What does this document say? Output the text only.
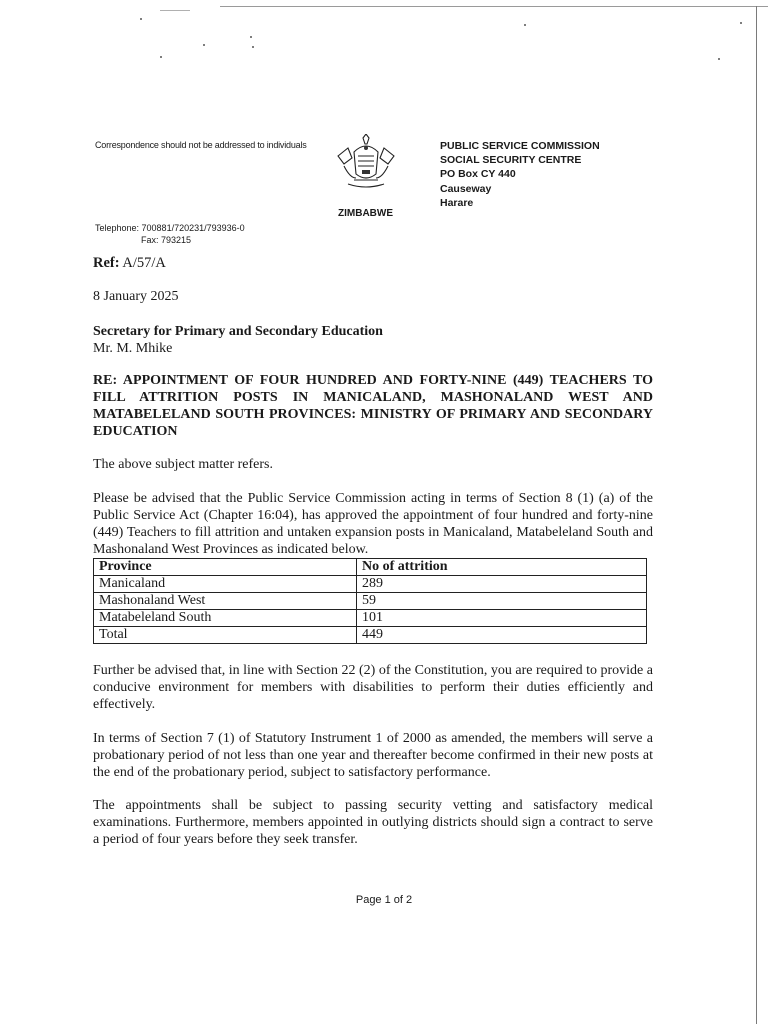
Correspondence should not be addressed to individuals
ZIMBABWE
PUBLIC SERVICE COMMISSION
SOCIAL SECURITY CENTRE
PO Box CY 440
Causeway
Harare
Telephone: 700881/720231/793936-0
Fax: 793215
Ref: A/57/A
8 January 2025
Secretary for Primary and Secondary Education
Mr. M. Mhike
RE: APPOINTMENT OF FOUR HUNDRED AND FORTY-NINE (449) TEACHERS TO FILL ATTRITION POSTS IN MANICALAND, MASHONALAND WEST AND MATABELELAND SOUTH PROVINCES: MINISTRY OF PRIMARY AND SECONDARY EDUCATION
The above subject matter refers.
Please be advised that the Public Service Commission acting in terms of Section 8 (1) (a) of the Public Service Act (Chapter 16:04), has approved the appointment of four hundred and forty-nine (449) Teachers to fill attrition and untaken expansion posts in Manicaland, Matabeleland South and Mashonaland West Provinces as indicated below.
Province	No of attrition
Manicaland	289
Mashonaland West	59
Matabeleland South	101
Total	449
Further be advised that, in line with Section 22 (2) of the Constitution, you are required to provide a conducive environment for members with disabilities to perform their duties efficiently and effectively.
In terms of Section 7 (1) of Statutory Instrument 1 of 2000 as amended, the members will serve a probationary period of not less than one year and thereafter become confirmed in their new posts at the end of the probationary period, subject to satisfactory performance.
The appointments shall be subject to passing security vetting and satisfactory medical examinations. Furthermore, members appointed in outlying districts should sign a contract to serve a period of four years before they seek transfer.
Page 1 of 2
